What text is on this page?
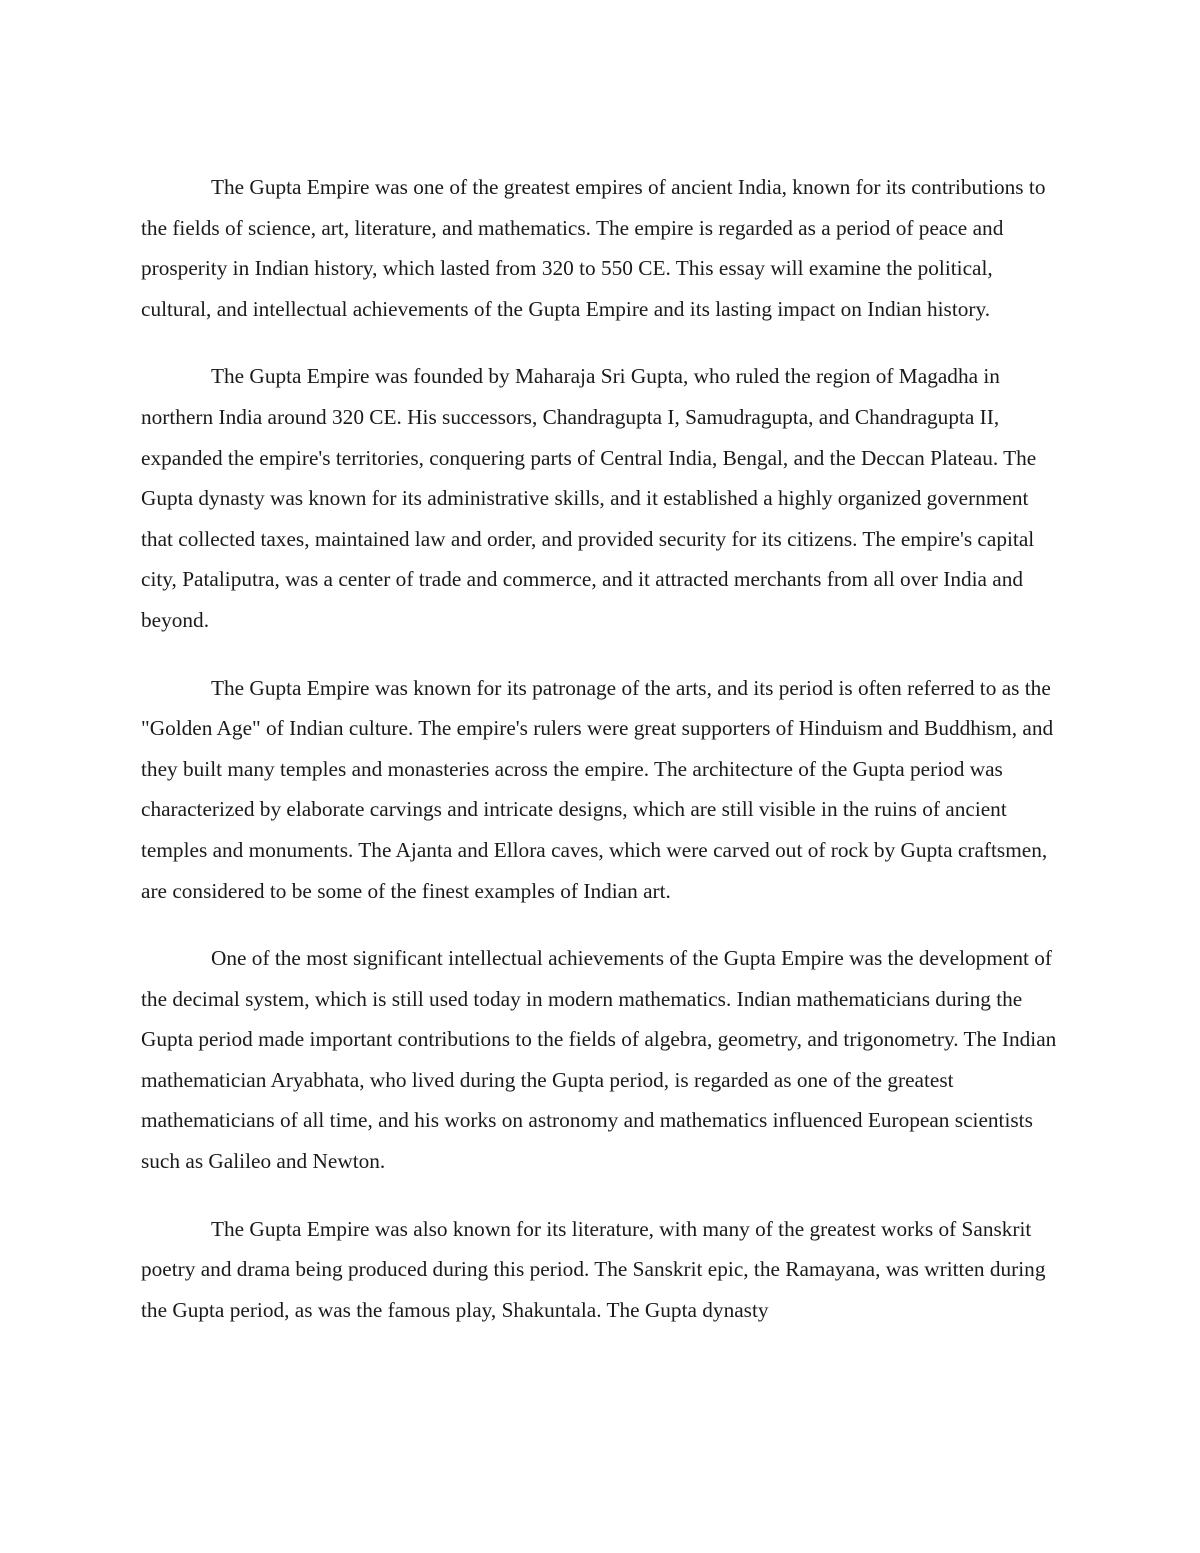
The Gupta Empire was one of the greatest empires of ancient India, known for its contributions to the fields of science, art, literature, and mathematics. The empire is regarded as a period of peace and prosperity in Indian history, which lasted from 320 to 550 CE. This essay will examine the political, cultural, and intellectual achievements of the Gupta Empire and its lasting impact on Indian history.

The Gupta Empire was founded by Maharaja Sri Gupta, who ruled the region of Magadha in northern India around 320 CE. His successors, Chandragupta I, Samudragupta, and Chandragupta II, expanded the empire's territories, conquering parts of Central India, Bengal, and the Deccan Plateau. The Gupta dynasty was known for its administrative skills, and it established a highly organized government that collected taxes, maintained law and order, and provided security for its citizens. The empire's capital city, Pataliputra, was a center of trade and commerce, and it attracted merchants from all over India and beyond.

The Gupta Empire was known for its patronage of the arts, and its period is often referred to as the "Golden Age" of Indian culture. The empire's rulers were great supporters of Hinduism and Buddhism, and they built many temples and monasteries across the empire. The architecture of the Gupta period was characterized by elaborate carvings and intricate designs, which are still visible in the ruins of ancient temples and monuments. The Ajanta and Ellora caves, which were carved out of rock by Gupta craftsmen, are considered to be some of the finest examples of Indian art.

One of the most significant intellectual achievements of the Gupta Empire was the development of the decimal system, which is still used today in modern mathematics. Indian mathematicians during the Gupta period made important contributions to the fields of algebra, geometry, and trigonometry. The Indian mathematician Aryabhata, who lived during the Gupta period, is regarded as one of the greatest mathematicians of all time, and his works on astronomy and mathematics influenced European scientists such as Galileo and Newton.

The Gupta Empire was also known for its literature, with many of the greatest works of Sanskrit poetry and drama being produced during this period. The Sanskrit epic, the Ramayana, was written during the Gupta period, as was the famous play, Shakuntala. The Gupta dynasty
